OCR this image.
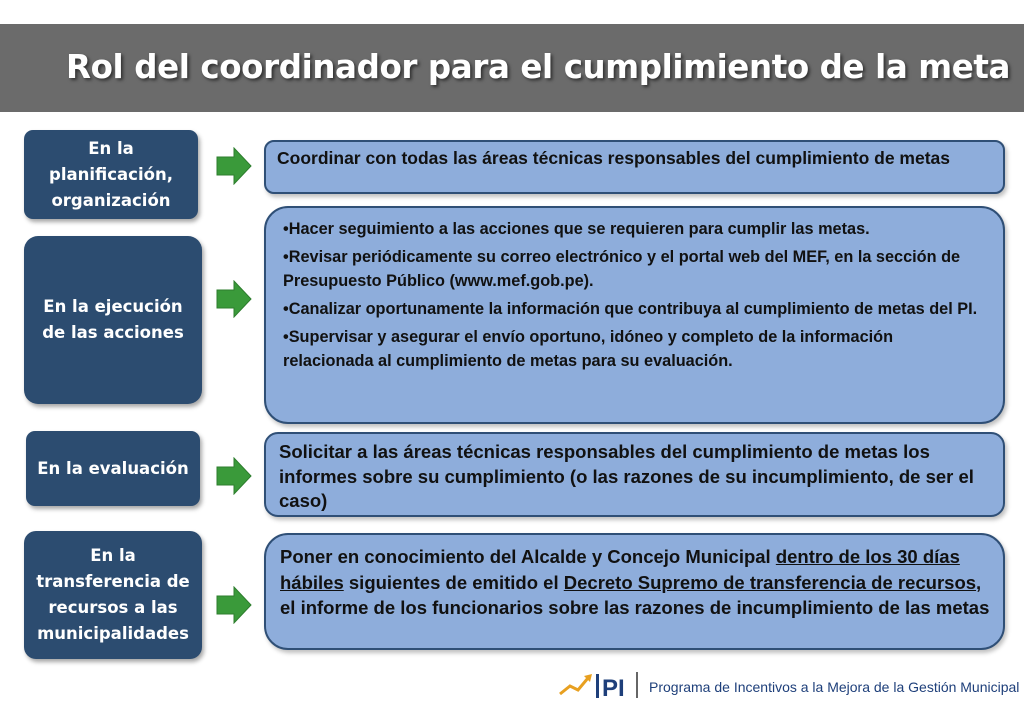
Rol del coordinador para el cumplimiento de la meta
En la
planificación,
organización
Coordinar con todas las áreas técnicas responsables del cumplimiento de metas
En la ejecución
de las acciones
•Hacer seguimiento a las acciones que se requieren para cumplir las metas.
•Revisar periódicamente su correo electrónico y el portal web del MEF, en la sección de Presupuesto Público (www.mef.gob.pe).
•Canalizar oportunamente la información que contribuya al cumplimiento de metas del PI.
•Supervisar y asegurar el envío oportuno, idóneo y completo de la información relacionada al cumplimiento de metas para su evaluación.
En la evaluación
Solicitar a las áreas técnicas responsables del cumplimiento de metas los informes sobre su cumplimiento (o las razones de su incumplimiento, de ser el caso)
En la
transferencia de
recursos a las
municipalidades
Poner en conocimiento del Alcalde y Concejo Municipal dentro de los 30 días hábiles siguientes de emitido el Decreto Supremo de transferencia de recursos, el informe de los funcionarios sobre las razones de incumplimiento de las metas
PI Programa de Incentivos a la Mejora de la Gestión Municipal
